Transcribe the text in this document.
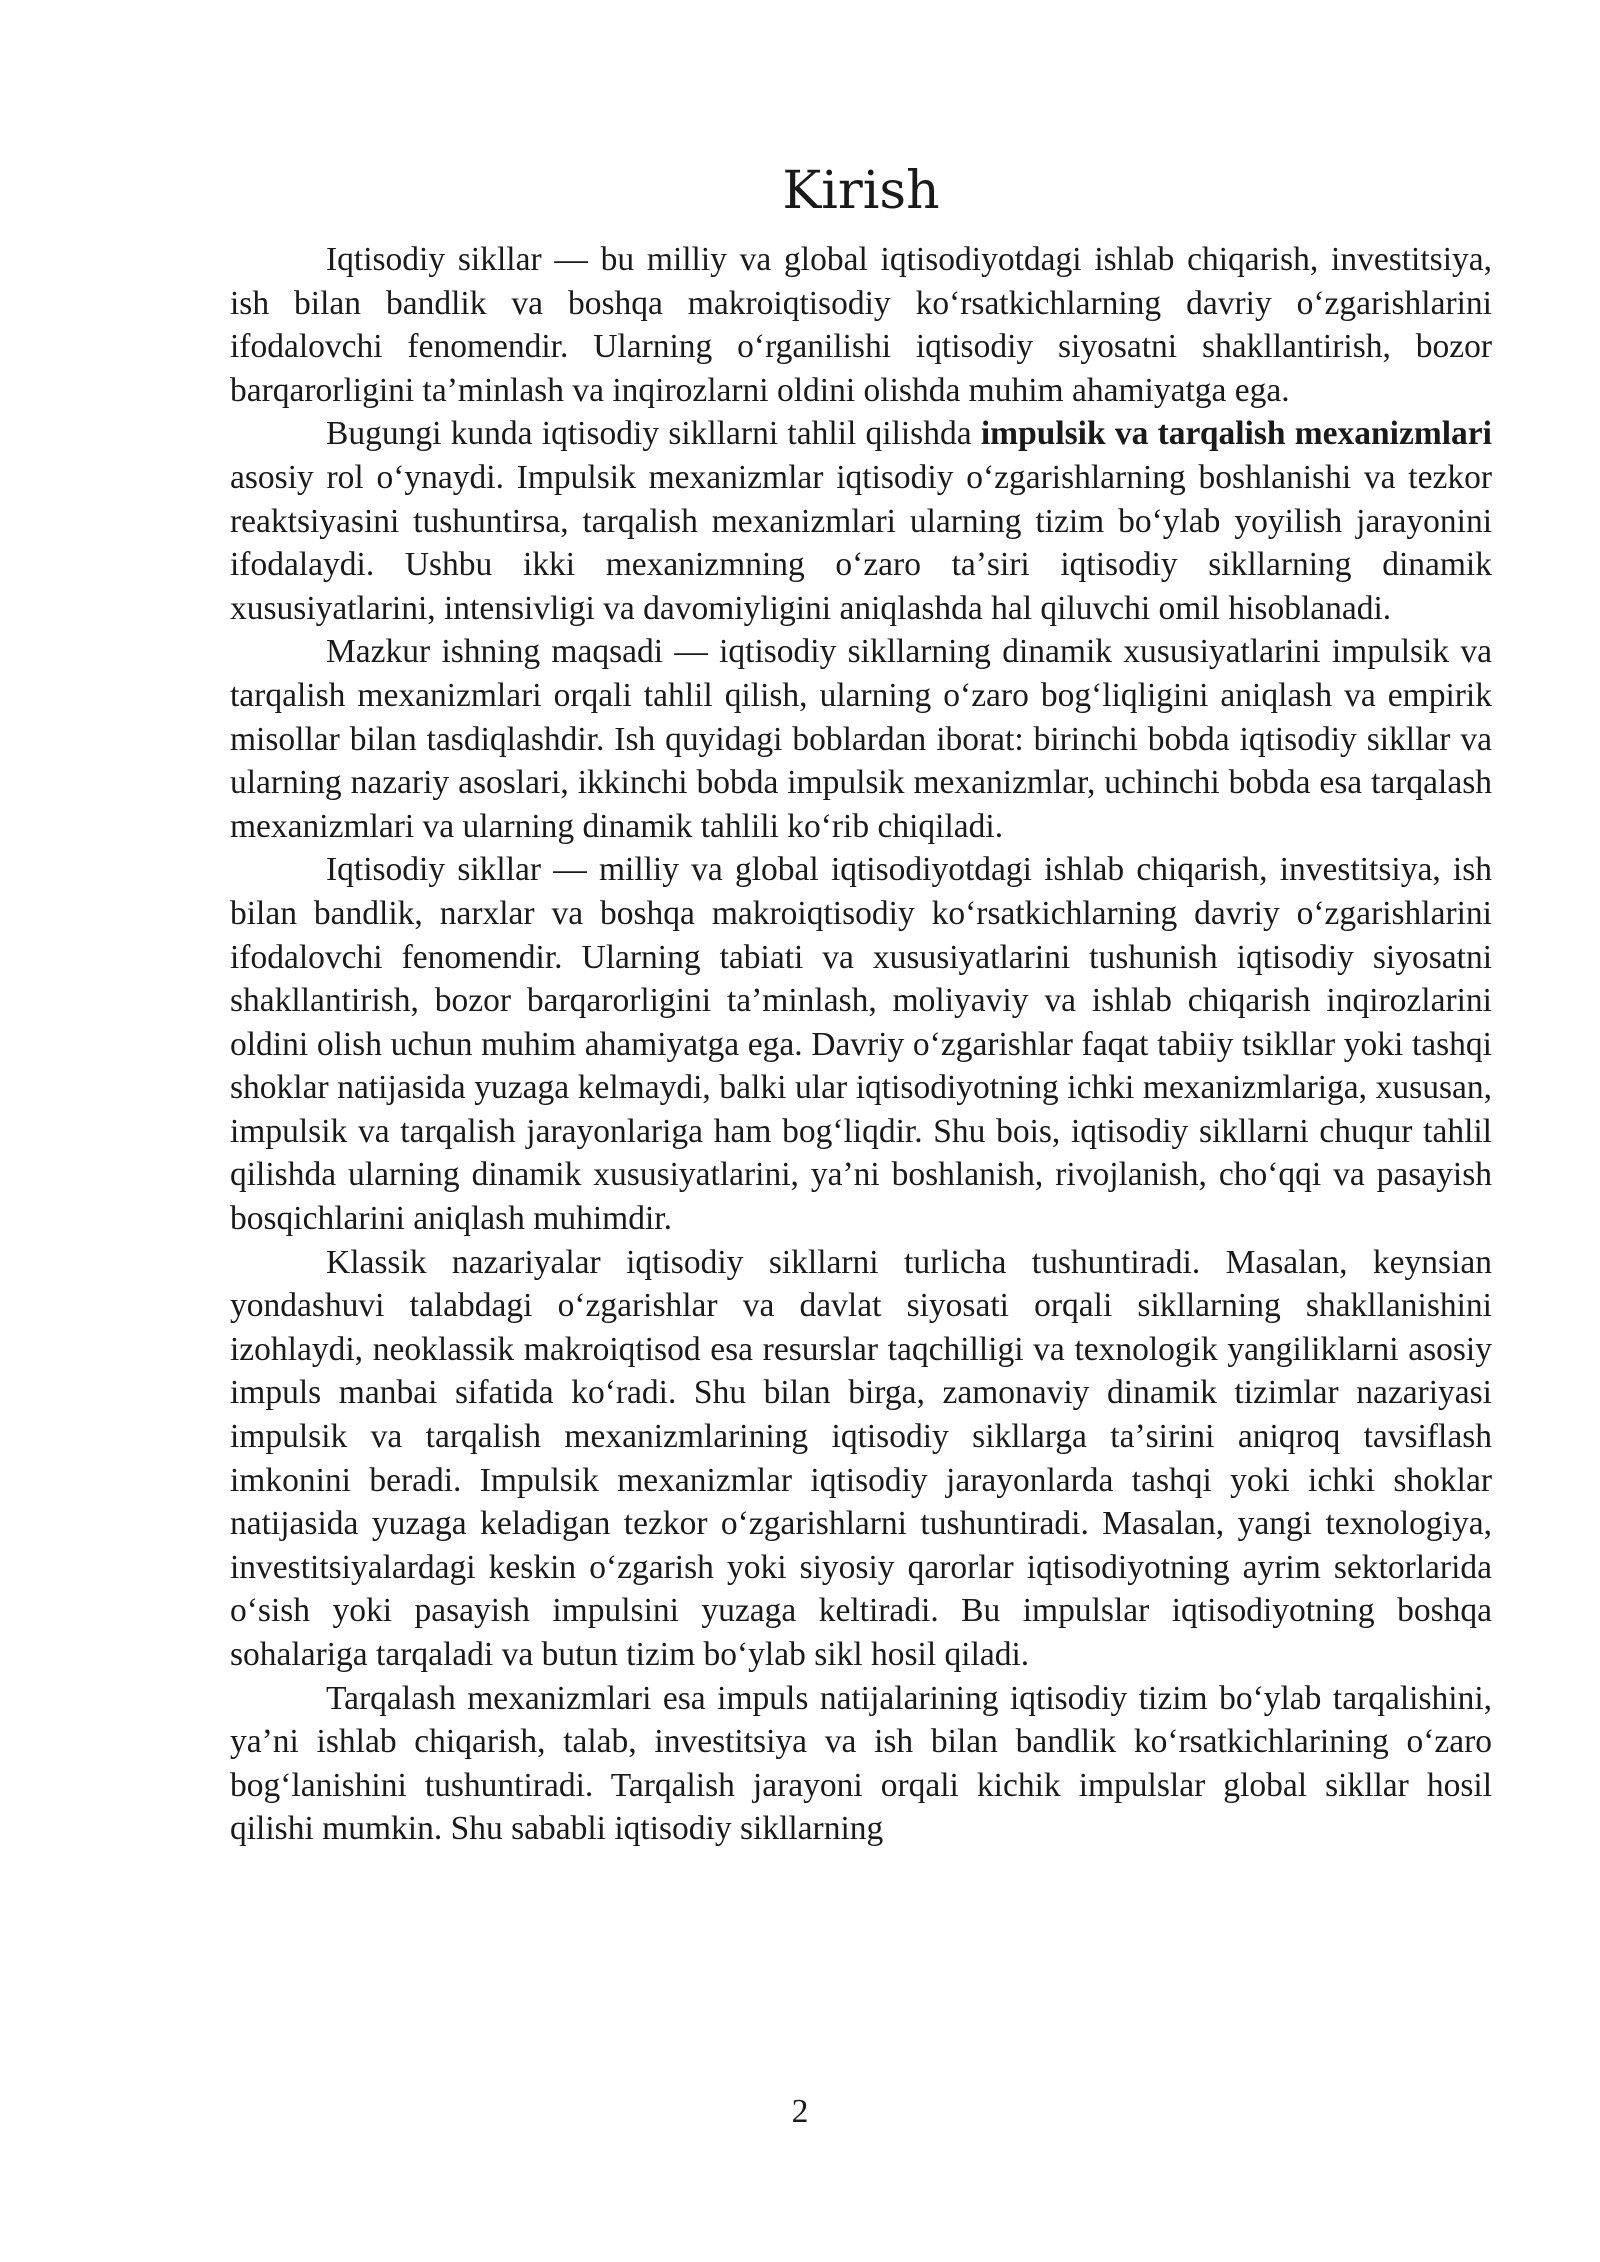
Kirish

Iqtisodiy sikllar — bu milliy va global iqtisodiyotdagi ishlab chiqarish, investitsiya, ish bilan bandlik va boshqa makroiqtisodiy koʻrsatkichlarning davriy oʻzgarishlarini ifodalovchi fenomendir. Ularning oʻrganilishi iqtisodiy siyosatni shakllantirish, bozor barqarorligini taʼminlash va inqirozlarni oldini olishda muhim ahamiyatga ega.

Bugungi kunda iqtisodiy sikllarni tahlil qilishda impulsik va tarqalish mexanizmlari asosiy rol oʻynaydi. Impulsik mexanizmlar iqtisodiy oʻzgarishlarning boshlanishi va tezkor reaktsiyasini tushuntirsa, tarqalish mexanizmlari ularning tizim boʻylab yoyilish jarayonini ifodalaydi. Ushbu ikki mexanizmning oʻzaro taʼsiri iqtisodiy sikllarning dinamik xususiyatlarini, intensivligi va davomiyligini aniqlashda hal qiluvchi omil hisoblanadi.

Mazkur ishning maqsadi — iqtisodiy sikllarning dinamik xususiyatlarini impulsik va tarqalish mexanizmlari orqali tahlil qilish, ularning oʻzaro bogʻliqligini aniqlash va empirik misollar bilan tasdiqlashdir. Ish quyidagi boblardan iborat: birinchi bobda iqtisodiy sikllar va ularning nazariy asoslari, ikkinchi bobda impulsik mexanizmlar, uchinchi bobda esa tarqalash mexanizmlari va ularning dinamik tahlili koʻrib chiqiladi.

Iqtisodiy sikllar — milliy va global iqtisodiyotdagi ishlab chiqarish, investitsiya, ish bilan bandlik, narxlar va boshqa makroiqtisodiy koʻrsatkichlarning davriy oʻzgarishlarini ifodalovchi fenomendir. Ularning tabiati va xususiyatlarini tushunish iqtisodiy siyosatni shakllantirish, bozor barqarorligini taʼminlash, moliyaviy va ishlab chiqarish inqirozlarini oldini olish uchun muhim ahamiyatga ega. Davriy oʻzgarishlar faqat tabiiy tsikllar yoki tashqi shoklar natijasida yuzaga kelmaydi, balki ular iqtisodiyotning ichki mexanizmlariga, xususan, impulsik va tarqalish jarayonlariga ham bogʻliqdir. Shu bois, iqtisodiy sikllarni chuqur tahlil qilishda ularning dinamik xususiyatlarini, yaʼni boshlanish, rivojlanish, choʻqqi va pasayish bosqichlarini aniqlash muhimdir.

Klassik nazariyalar iqtisodiy sikllarni turlicha tushuntiradi. Masalan, keynsian yondashuvi talabdagi oʻzgarishlar va davlat siyosati orqali sikllarning shakllanishini izohlaydi, neoklassik makroiqtisod esa resurslar taqchilligi va texnologik yangiliklarni asosiy impuls manbai sifatida koʻradi. Shu bilan birga, zamonaviy dinamik tizimlar nazariyasi impulsik va tarqalish mexanizmlarining iqtisodiy sikllarga taʼsirini aniqroq tavsiflash imkonini beradi. Impulsik mexanizmlar iqtisodiy jarayonlarda tashqi yoki ichki shoklar natijasida yuzaga keladigan tezkor oʻzgarishlarni tushuntiradi. Masalan, yangi texnologiya, investitsiyalardagi keskin oʻzgarish yoki siyosiy qarorlar iqtisodiyotning ayrim sektorlarida oʻsish yoki pasayish impulsini yuzaga keltiradi. Bu impulslar iqtisodiyotning boshqa sohalariga tarqaladi va butun tizim boʻylab sikl hosil qiladi.

Tarqalash mexanizmlari esa impuls natijalarining iqtisodiy tizim boʻylab tarqalishini, yaʼni ishlab chiqarish, talab, investitsiya va ish bilan bandlik koʻrsatkichlarining oʻzaro bogʻlanishini tushuntiradi. Tarqalish jarayoni orqali kichik impulslar global sikllar hosil qilishi mumkin. Shu sababli iqtisodiy sikllarning

2
